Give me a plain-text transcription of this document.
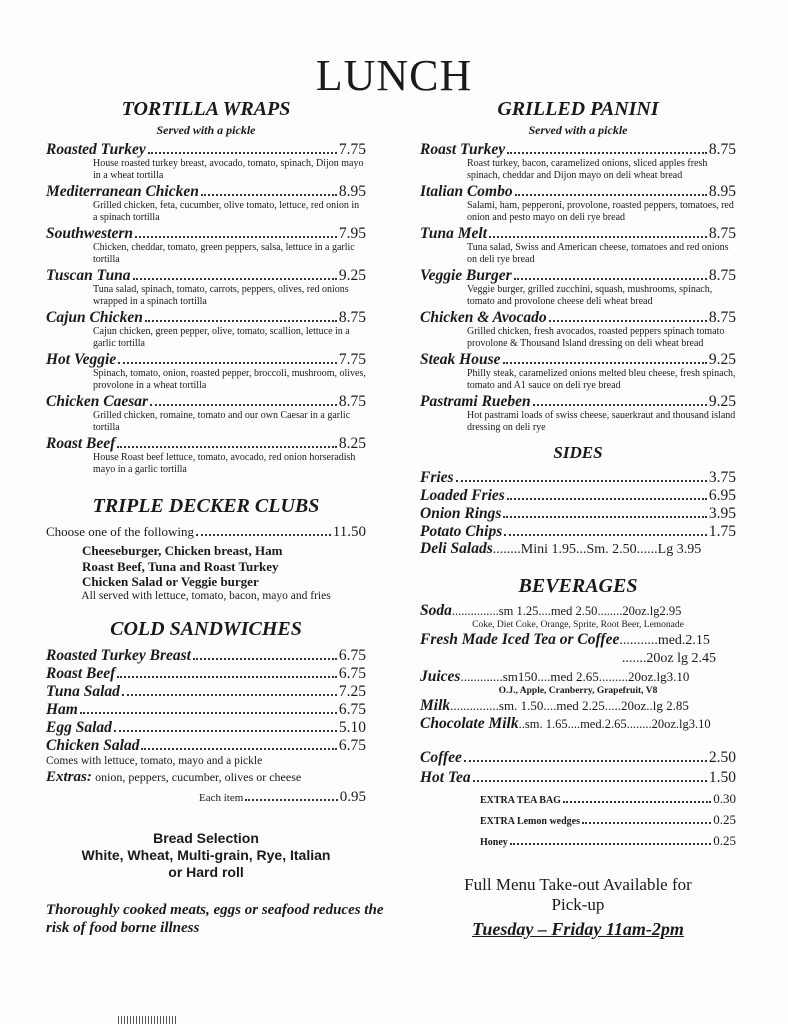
LUNCH
TORTILLA WRAPS
Served with a pickle
Roasted Turkey	7.75
House roasted turkey breast, avocado, tomato, spinach, Dijon mayo in a wheat tortilla
Mediterranean Chicken	8.95
Grilled chicken, feta, cucumber, olive tomato, lettuce, red onion in a spinach tortilla
Southwestern	7.95
Chicken, cheddar, tomato, green peppers, salsa, lettuce in a garlic tortilla
Tuscan Tuna	9.25
Tuna salad, spinach, tomato, carrots, peppers, olives, red onions wrapped in a spinach tortilla
Cajun Chicken	8.75
Cajun chicken, green pepper, olive, tomato, scallion, lettuce in a garlic tortilla
Hot Veggie	7.75
Spinach, tomato, onion, roasted pepper, broccoli, mushroom, olives, provolone in a wheat tortilla
Chicken Caesar	8.75
Grilled chicken, romaine, tomato and our own Caesar in a garlic tortilla
Roast Beef	8.25
House Roast beef lettuce, tomato, avocado, red onion horseradish mayo in a garlic tortilla
TRIPLE DECKER CLUBS
Choose one of the following	11.50
Cheeseburger, Chicken breast, Ham
Roast Beef, Tuna and Roast Turkey
Chicken Salad or Veggie burger
All served with lettuce, tomato, bacon, mayo and fries
COLD SANDWICHES
Roasted Turkey Breast	6.75
Roast Beef	6.75
Tuna Salad	7.25
Ham	6.75
Egg Salad	5.10
Chicken Salad	6.75
Comes with lettuce, tomato, mayo and a pickle
Extras: onion, peppers, cucumber, olives or cheese
Each item	0.95
Bread Selection
White, Wheat, Multi-grain, Rye, Italian
or Hard roll
Thoroughly cooked meats, eggs or seafood reduces the risk of food borne illness
GRILLED PANINI
Served with a pickle
Roast Turkey	8.75
Roast turkey, bacon, caramelized onions, sliced apples fresh spinach, cheddar and Dijon mayo on deli wheat bread
Italian Combo	8.95
Salami, ham, pepperoni, provolone, roasted peppers, tomatoes, red onion and pesto mayo on deli rye bread
Tuna Melt	8.75
Tuna salad, Swiss and American cheese, tomatoes and red onions on deli rye bread
Veggie Burger	8.75
Veggie burger, grilled zucchini, squash, mushrooms, spinach, tomato and provolone cheese deli wheat bread
Chicken & Avocado	8.75
Grilled chicken, fresh avocados, roasted peppers spinach tomato provolone & Thousand Island dressing on deli wheat bread
Steak House	9.25
Philly steak, caramelized onions melted bleu cheese, fresh spinach, tomato and A1 sauce on deli rye bread
Pastrami Rueben	9.25
Hot pastrami loads of swiss cheese, sauerkraut and thousand island dressing on deli rye
SIDES
Fries	3.75
Loaded Fries	6.95
Onion Rings	3.95
Potato Chips	1.75
Deli Salads ........Mini 1.95...Sm. 2.50......Lg 3.95
BEVERAGES
Soda ...............sm 1.25....med 2.50........20oz.lg2.95
Coke, Diet Coke, Orange, Sprite, Root Beer, Lemonade
Fresh Made Iced Tea or Coffee ...........med.2.15
.......20oz lg 2.45
Juices .............sm150....med 2.65.........20oz.lg3.10
O.J., Apple, Cranberry, Grapefruit, V8
Milk ...............sm. 1.50....med 2.25.....20oz..lg 2.85
Chocolate Milk ..sm. 1.65....med.2.65........20oz.lg3.10
Coffee	2.50
Hot Tea	1.50
EXTRA TEA BAG	0.30
EXTRA Lemon wedges	0.25
Honey	0.25
Full Menu Take-out Available for
Pick-up
Tuesday – Friday 11am-2pm
